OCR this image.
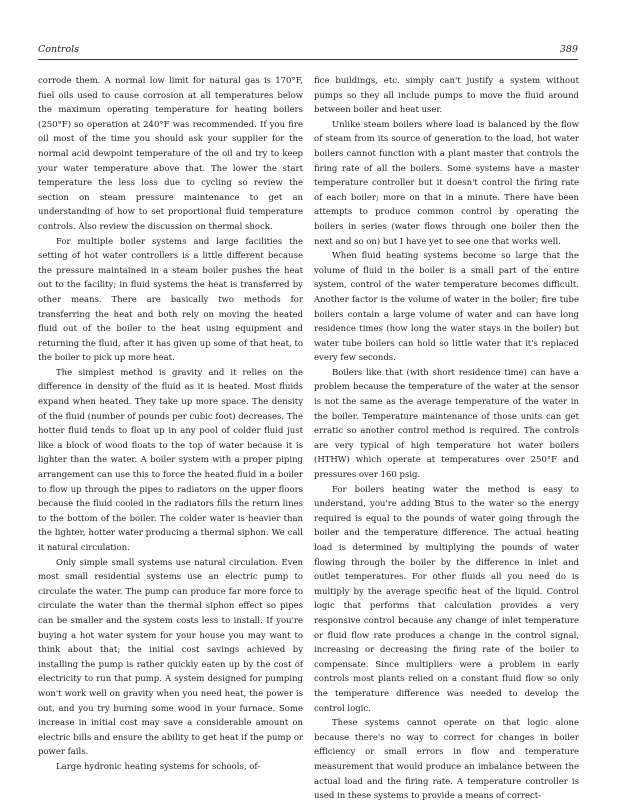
Controls	389

corrode them. A normal low limit for natural gas is 170°F, fuel oils used to cause corrosion at all temperatures below the maximum operating temperature for heating boilers (250°F) so operation at 240°F was recommended. If you fire oil most of the time you should ask your supplier for the normal acid dewpoint temperature of the oil and try to keep your water temperature above that. The lower the start temperature the less loss due to cycling so review the section on steam pressure maintenance to get an understanding of how to set proportional fluid temperature controls. Also review the discussion on thermal shock.

For multiple boiler systems and large facilities the setting of hot water controllers is a little different because the pressure maintained in a steam boiler pushes the heat out to the facility; in fluid systems the heat is transferred by other means. There are basically two methods for transferring the heat and both rely on moving the heated fluid out of the boiler to the heat using equipment and returning the fluid, after it has given up some of that heat, to the boiler to pick up more heat.

The simplest method is gravity and it relies on the difference in density of the fluid as it is heated. Most fluids expand when heated. They take up more space. The density of the fluid (number of pounds per cubic foot) decreases. The hotter fluid tends to float up in any pool of colder fluid just like a block of wood floats to the top of water because it is lighter than the water. A boiler system with a proper piping arrangement can use this to force the heated fluid in a boiler to flow up through the pipes to radiators on the upper floors because the fluid cooled in the radiators fills the return lines to the bottom of the boiler. The colder water is heavier than the lighter, hotter water producing a thermal siphon. We call it natural circulation.

Only simple small systems use natural circulation. Even most small residential systems use an electric pump to circulate the water. The pump can produce far more force to circulate the water than the thermal siphon effect so pipes can be smaller and the system costs less to install. If you're buying a hot water system for your house you may want to think about that; the initial cost savings achieved by installing the pump is rather quickly eaten up by the cost of electricity to run that pump. A system designed for pumping won't work well on gravity when you need heat, the power is out, and you try burning some wood in your furnace. Some increase in initial cost may save a considerable amount on electric bills and ensure the ability to get heat if the pump or power fails.

Large hydronic heating systems for schools, of-

fice buildings, etc. simply can't justify a system without pumps so they all include pumps to move the fluid around between boiler and heat user.

Unlike steam boilers where load is balanced by the flow of steam from its source of generation to the load, hot water boilers cannot function with a plant master that controls the firing rate of all the boilers. Some systems have a master temperature controller but it doesn't control the firing rate of each boiler; more on that in a minute. There have been attempts to produce common control by operating the boilers in series (water flows through one boiler then the next and so on) but I have yet to see one that works well.

When fluid heating systems become so large that the volume of fluid in the boiler is a small part of the entire system, control of the water temperature becomes difficult. Another factor is the volume of water in the boiler; fire tube boilers contain a large volume of water and can have long residence times (how long the water stays in the boiler) but water tube boilers can hold so little water that it's replaced every few seconds.

Boilers like that (with short residence time) can have a problem because the temperature of the water at the sensor is not the same as the average temperature of the water in the boiler. Temperature maintenance of those units can get erratic so another control method is required. The controls are very typical of high temperature hot water boilers (HTHW) which operate at temperatures over 250°F and pressures over 160 psig.

For boilers heating water the method is easy to understand, you're adding Btus to the water so the energy required is equal to the pounds of water going through the boiler and the temperature difference. The actual heating load is determined by multiplying the pounds of water flowing through the boiler by the difference in inlet and outlet temperatures. For other fluids all you need do is multiply by the average specific heat of the liquid. Control logic that performs that calculation provides a very responsive control because any change of inlet temperature or fluid flow rate produces a change in the control signal, increasing or decreasing the firing rate of the boiler to compensate. Since multipliers were a problem in early controls most plants relied on a constant fluid flow so only the temperature difference was needed to develop the control logic.

These systems cannot operate on that logic alone because there's no way to correct for changes in boiler efficiency or small errors in flow and temperature measurement that would produce an imbalance between the actual load and the firing rate. A temperature controller is used in these systems to provide a means of correct-
